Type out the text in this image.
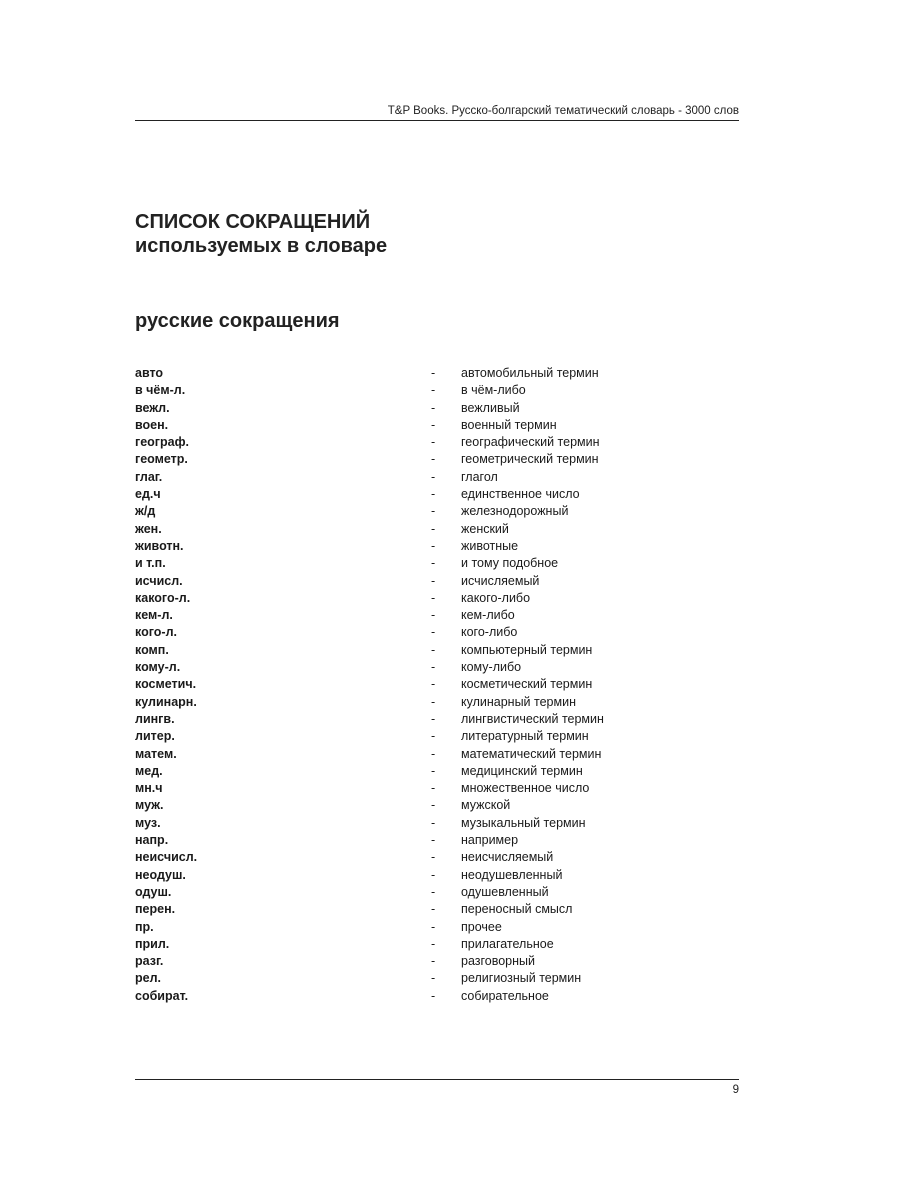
T&P Books. Русско-болгарский тематический словарь - 3000 слов
СПИСОК СОКРАЩЕНИЙ
используемых в словаре
русские сокращения
авто	- автомобильный термин
в чём-л.	- в чём-либо
вежл.	- вежливый
воен.	- военный термин
географ.	- географический термин
геометр.	- геометрический термин
глаг.	- глагол
ед.ч	- единственное число
ж/д	- железнодорожный
жен.	- женский
животн.	- животные
и т.п.	- и тому подобное
исчисл.	- исчисляемый
какого-л.	- какого-либо
кем-л.	- кем-либо
кого-л.	- кого-либо
комп.	- компьютерный термин
кому-л.	- кому-либо
косметич.	- косметический термин
кулинарн.	- кулинарный термин
лингв.	- лингвистический термин
литер.	- литературный термин
матем.	- математический термин
мед.	- медицинский термин
мн.ч	- множественное число
муж.	- мужской
муз.	- музыкальный термин
напр.	- например
неисчисл.	- неисчисляемый
неодуш.	- неодушевленный
одуш.	- одушевленный
перен.	- переносный смысл
пр.	- прочее
прил.	- прилагательное
разг.	- разговорный
рел.	- религиозный термин
собират.	- собирательное
9
